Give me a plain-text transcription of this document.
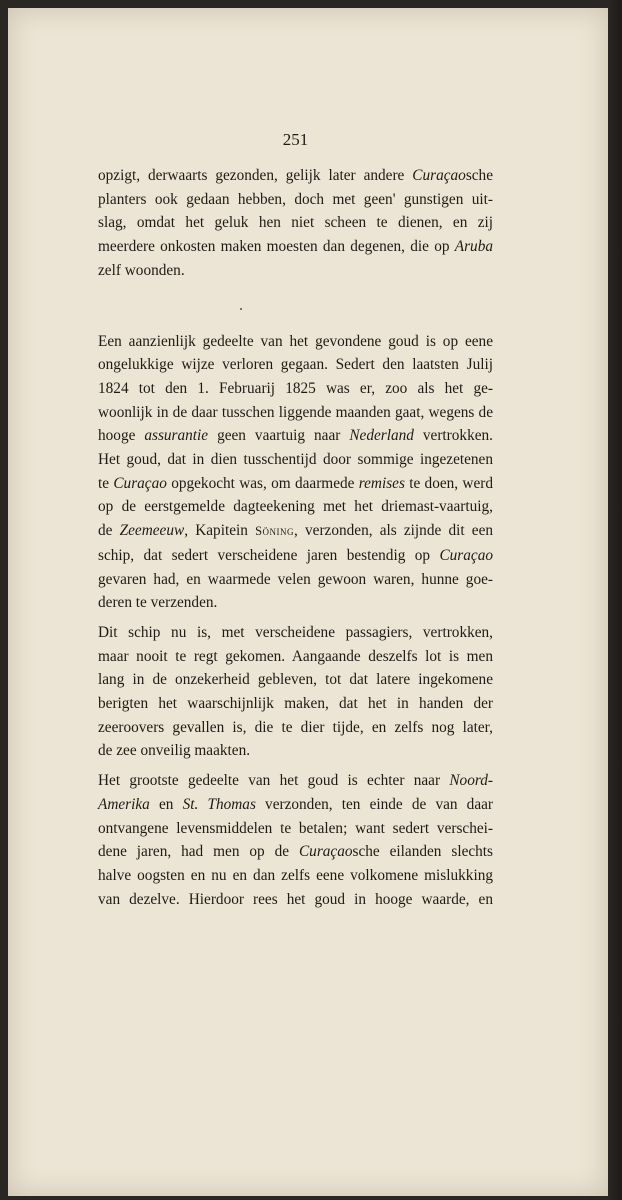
251

opzigt, derwaarts gezonden, gelijk later andere Curaçaosche
planters ook gedaan hebben, doch met geen' gunstigen uit-
slag, omdat het geluk hen niet scheen te dienen, en zij
meerdere onkosten maken moesten dan degenen, die op Aruba
zelf woonden.

Een aanzienlijk gedeelte van het gevondene goud is op eene
ongelukkige wijze verloren gegaan. Sedert den laatsten Julij
1824 tot den 1. Februarij 1825 was er, zoo als het ge-
woonlijk in de daar tusschen liggende maanden gaat, wegens de
hooge assurantie geen vaartuig naar Nederland vertrokken.
Het goud, dat in dien tusschentijd door sommige ingezetenen
te Curaçao opgekocht was, om daarmede remises te doen, werd
op de eerstgemelde dagteekening met het driemast-vaartuig,
de Zeemeeuw, Kapitein Söning, verzonden, als zijnde dit een
schip, dat sedert verscheidene jaren bestendig op Curaçao
gevaren had, en waarmede velen gewoon waren, hunne goe-
deren te verzenden.

Dit schip nu is, met verscheidene passagiers, vertrokken,
maar nooit te regt gekomen. Aangaande deszelfs lot is men
lang in de onzekerheid gebleven, tot dat latere ingekomene
berigten het waarschijnlijk maken, dat het in handen der
zeeroovers gevallen is, die te dier tijde, en zelfs nog later,
de zee onveilig maakten.

Het grootste gedeelte van het goud is echter naar Noord-
Amerika en St. Thomas verzonden, ten einde de van daar
ontvangene levensmiddelen te betalen; want sedert verschei-
dene jaren, had men op de Curaçaosche eilanden slechts
halve oogsten en nu en dan zelfs eene volkomene mislukking
van dezelve. Hierdoor rees het goud in hooge waarde, en
